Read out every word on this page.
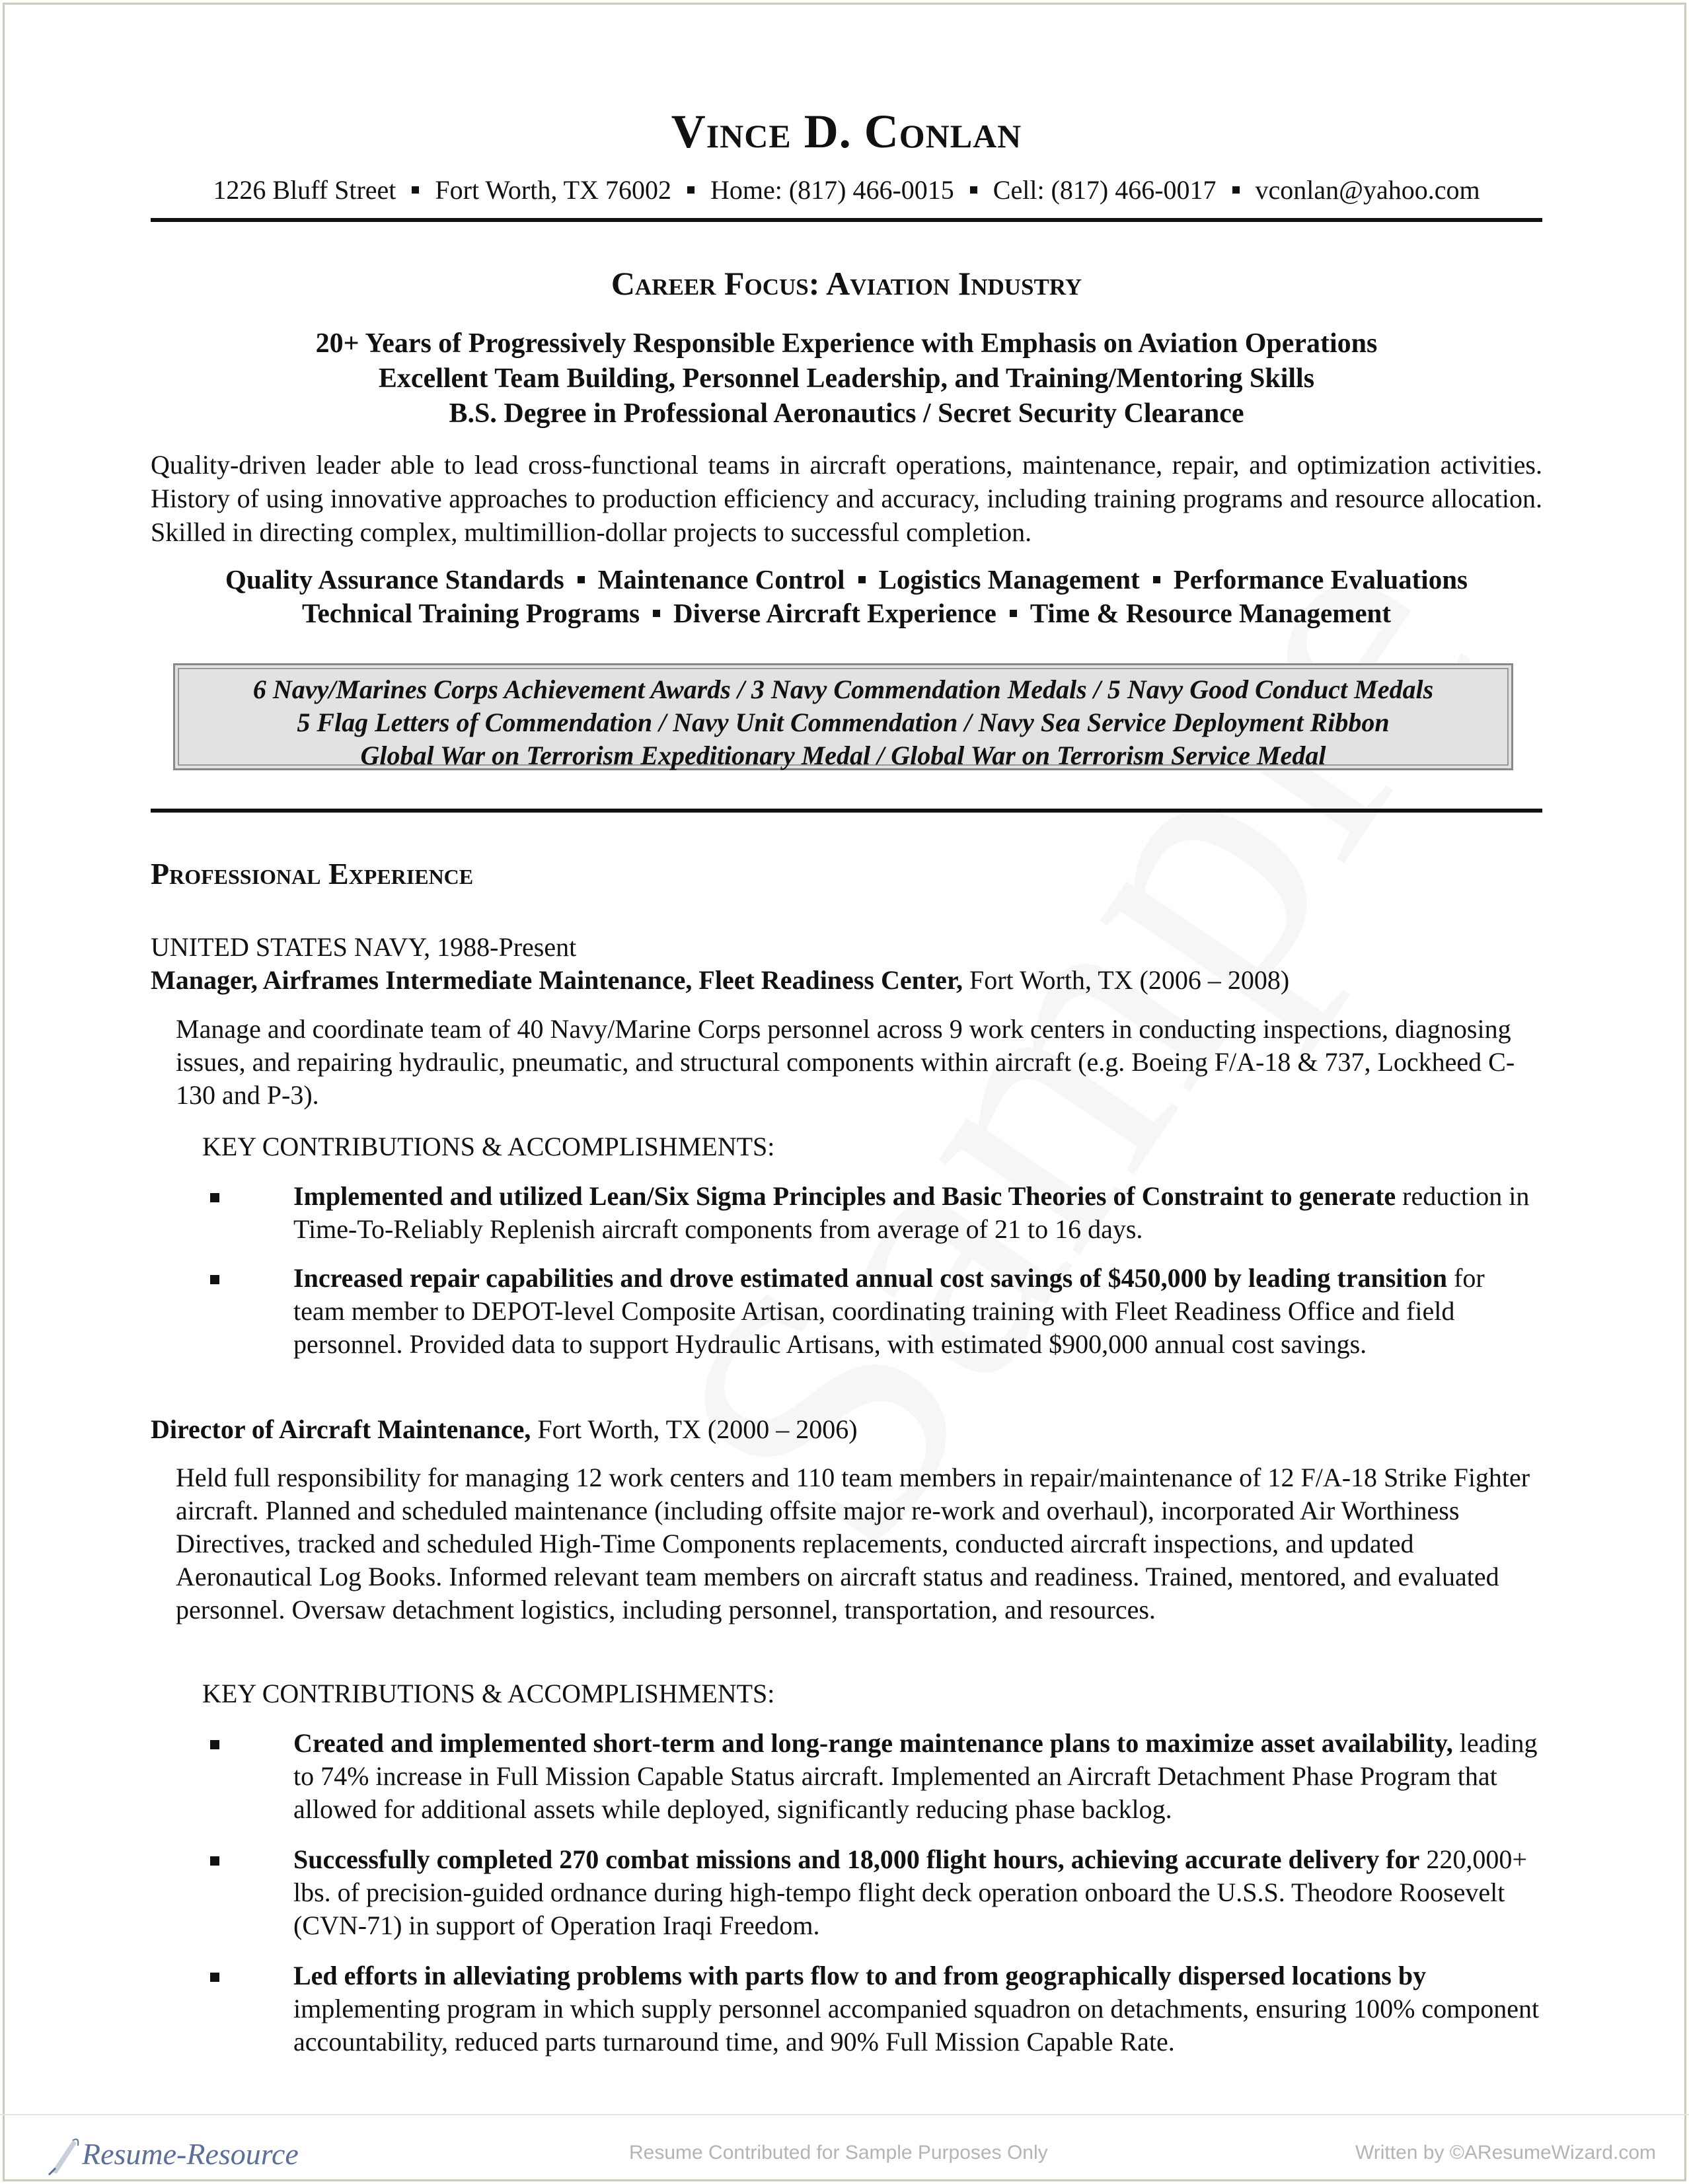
Vince D. Conlan
1226 Bluff Street Fort Worth, TX 76002 Home: (817) 466-0015 Cell: (817) 466-0017 vconlan@yahoo.com
Career Focus: Aviation Industry
20+ Years of Progressively Responsible Experience with Emphasis on Aviation Operations
Excellent Team Building, Personnel Leadership, and Training/Mentoring Skills
B.S. Degree in Professional Aeronautics / Secret Security Clearance
Quality-driven leader able to lead cross-functional teams in aircraft operations, maintenance, repair, and optimization activities. History of using innovative approaches to production efficiency and accuracy, including training programs and resource allocation. Skilled in directing complex, multimillion-dollar projects to successful completion.
Quality Assurance Standards Maintenance Control Logistics Management Performance Evaluations
Technical Training Programs Diverse Aircraft Experience Time & Resource Management
6 Navy/Marines Corps Achievement Awards / 3 Navy Commendation Medals / 5 Navy Good Conduct Medals
5 Flag Letters of Commendation / Navy Unit Commendation / Navy Sea Service Deployment Ribbon
Global War on Terrorism Expeditionary Medal / Global War on Terrorism Service Medal
Professional Experience
UNITED STATES NAVY, 1988-Present
Manager, Airframes Intermediate Maintenance, Fleet Readiness Center, Fort Worth, TX (2006 – 2008)
Manage and coordinate team of 40 Navy/Marine Corps personnel across 9 work centers in conducting inspections, diagnosing issues, and repairing hydraulic, pneumatic, and structural components within aircraft (e.g. Boeing F/A-18 & 737, Lockheed C-130 and P-3).
KEY CONTRIBUTIONS & ACCOMPLISHMENTS:
Implemented and utilized Lean/Six Sigma Principles and Basic Theories of Constraint to generate reduction in Time-To-Reliably Replenish aircraft components from average of 21 to 16 days.
Increased repair capabilities and drove estimated annual cost savings of $450,000 by leading transition for team member to DEPOT-level Composite Artisan, coordinating training with Fleet Readiness Office and field personnel. Provided data to support Hydraulic Artisans, with estimated $900,000 annual cost savings.
Director of Aircraft Maintenance, Fort Worth, TX (2000 – 2006)
Held full responsibility for managing 12 work centers and 110 team members in repair/maintenance of 12 F/A-18 Strike Fighter aircraft. Planned and scheduled maintenance (including offsite major re-work and overhaul), incorporated Air Worthiness Directives, tracked and scheduled High-Time Components replacements, conducted aircraft inspections, and updated Aeronautical Log Books. Informed relevant team members on aircraft status and readiness. Trained, mentored, and evaluated personnel. Oversaw detachment logistics, including personnel, transportation, and resources.
KEY CONTRIBUTIONS & ACCOMPLISHMENTS:
Created and implemented short-term and long-range maintenance plans to maximize asset availability, leading to 74% increase in Full Mission Capable Status aircraft. Implemented an Aircraft Detachment Phase Program that allowed for additional assets while deployed, significantly reducing phase backlog.
Successfully completed 270 combat missions and 18,000 flight hours, achieving accurate delivery for 220,000+ lbs. of precision-guided ordnance during high-tempo flight deck operation onboard the U.S.S. Theodore Roosevelt (CVN-71) in support of Operation Iraqi Freedom.
Led efforts in alleviating problems with parts flow to and from geographically dispersed locations by implementing program in which supply personnel accompanied squadron on detachments, ensuring 100% component accountability, reduced parts turnaround time, and 90% Full Mission Capable Rate.
Resume-Resource	Resume Contributed for Sample Purposes Only	Written by ©AResumeWizard.com
